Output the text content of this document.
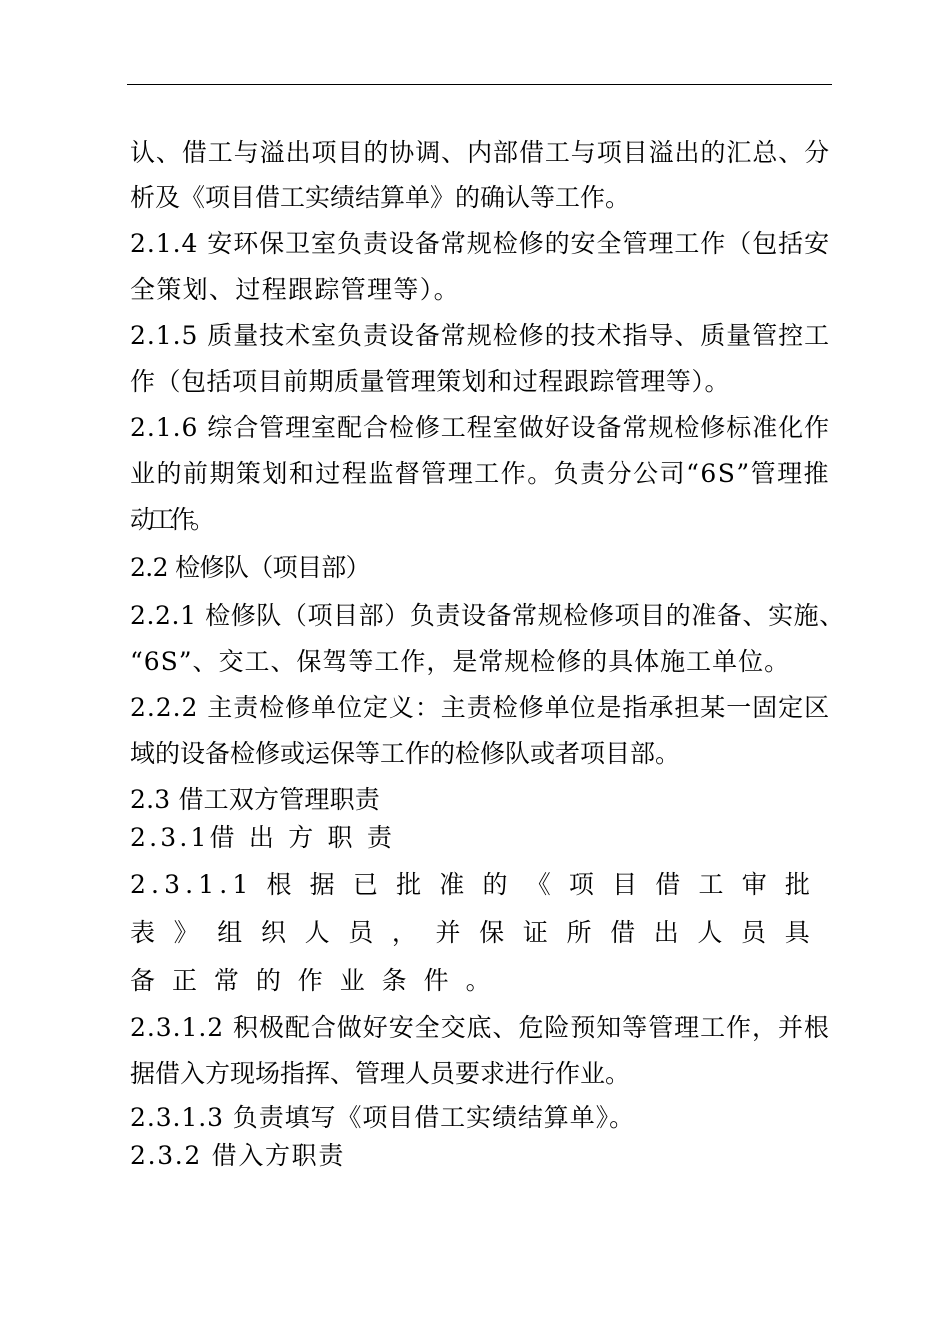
认、借工与溢出项目的协调、内部借工与项目溢出的汇总、分
析及《项目借工实绩结算单》的确认等工作。
2.1.4 安环保卫室负责设备常规检修的安全管理工作（包括安
全策划、过程跟踪管理等）。
2.1.5 质量技术室负责设备常规检修的技术指导、质量管控工
作（包括项目前期质量管理策划和过程跟踪管理等）。
2.1.6 综合管理室配合检修工程室做好设备常规检修标准化作
业的前期策划和过程监督管理工作。负责分公司“6S”管理推
动工作。
2.2 检修队（项目部）
2.2.1 检修队（项目部）负责设备常规检修项目的准备、实施、
“6S”、交工、保驾等工作，是常规检修的具体施工单位。
2.2.2 主责检修单位定义：主责检修单位是指承担某一固定区
域的设备检修或运保等工作的检修队或者项目部。
2.3 借工双方管理职责
2.3.1借 出 方 职 责
2.3.1.1 根 据 已 批 准 的 《 项 目 借 工 审 批
表 》 组 织 人 员 ， 并 保 证 所 借 出 人 员 具
备 正 常 的 作 业 条 件 。
2.3.1.2 积极配合做好安全交底、危险预知等管理工作，并根
据借入方现场指挥、管理人员要求进行作业。
2.3.1.3 负责填写《项目借工实绩结算单》。
2.3.2 借入方职责
